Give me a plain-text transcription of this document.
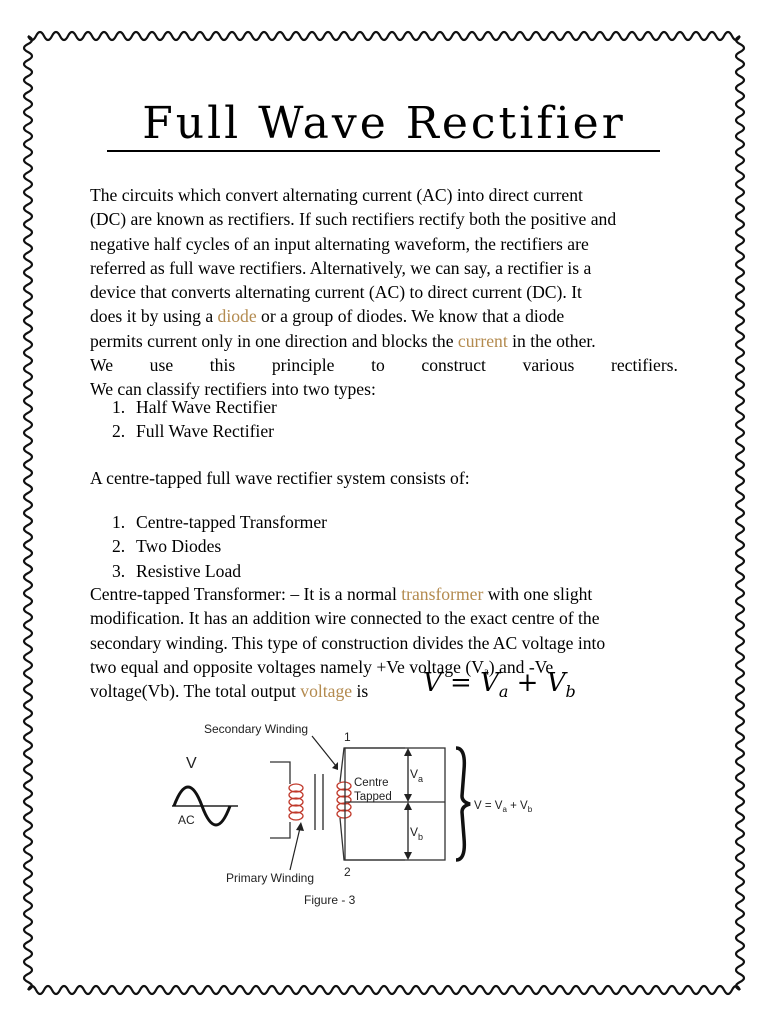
Full Wave Rectifier
The circuits which convert alternating current (AC) into direct current
(DC) are known as rectifiers. If such rectifiers rectify both the positive and
negative half cycles of an input alternating waveform, the rectifiers are
referred as full wave rectifiers. Alternatively, we can say, a rectifier is a
device that converts alternating current (AC) to direct current (DC). It
does it by using a diode or a group of diodes. We know that a diode
permits current only in one direction and blocks the current in the other.
We use this principle to construct various rectifiers.
We can classify rectifiers into two types:
1. Half Wave Rectifier
2. Full Wave Rectifier

A centre-tapped full wave rectifier system consists of:

1. Centre-tapped Transformer
2. Two Diodes
3. Resistive Load
Centre-tapped Transformer: – It is a normal transformer with one slight
modification. It has an addition wire connected to the exact centre of the
secondary winding. This type of construction divides the AC voltage into
two equal and opposite voltages namely +Ve voltage (Vₐ) and -Ve
voltage(Vb). The total output voltage is	$V = V_a + V_b$
V
AC
$V_a$
$V_b$
Centre
Tapped
1
2
$V = V_a + V_b$
Secondary Winding
Primary Winding
Figure - 3
